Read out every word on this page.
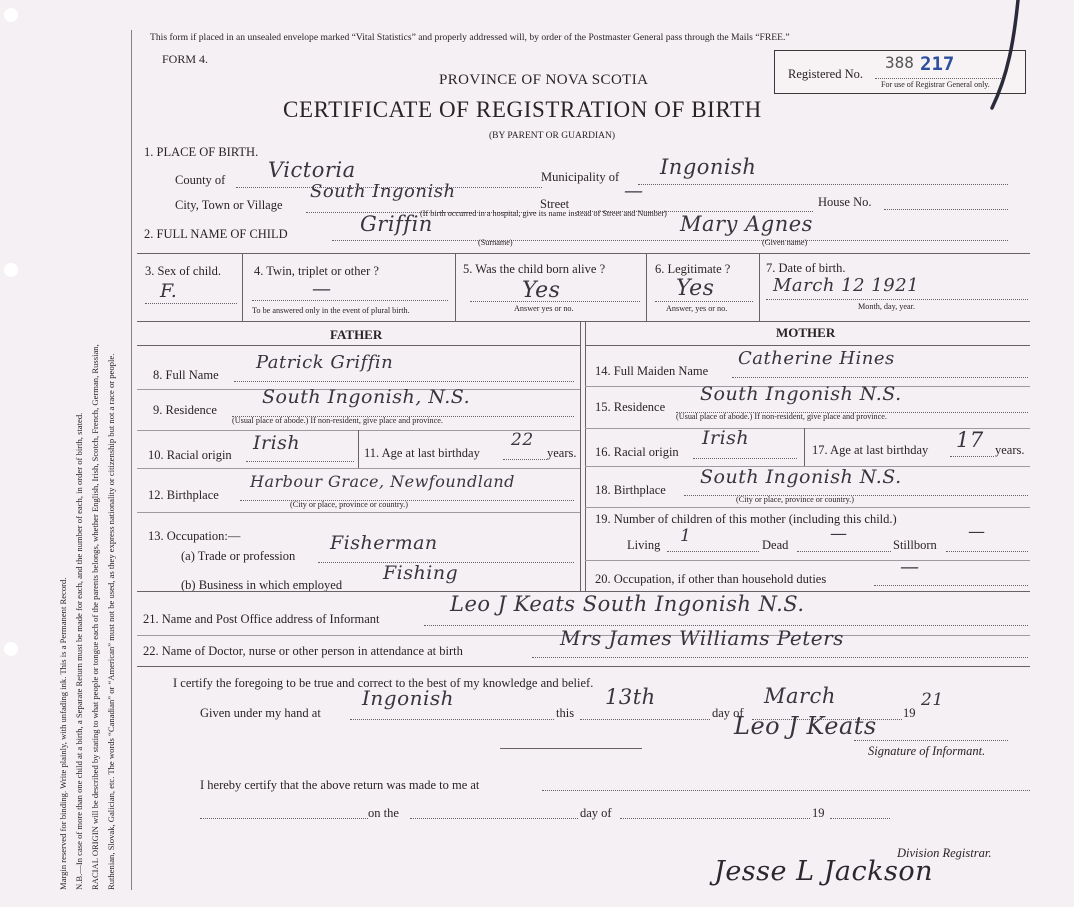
Margin reserved for binding. Write plainly, with unfading ink. This is a Permanent Record. N.B.—In case of more than one child at a birth, a Separate Return must be made for each, and the number of each, in order of birth, stated. RACIAL ORIGIN will be described by stating to what people or tongue each of the parents belongs, whether English, Irish, Scotch, French, German, Russian, Ruthenian, Slovak, Galician, etc. The words “Canadian” or “American” must not be used, as they express nationality or citizenship but not a race or people.
This form if placed in an unsealed envelope marked “Vital Statistics” and properly addressed will, by order of the Postmaster General pass through the Mails “FREE.”
FORM 4.
PROVINCE OF NOVA SCOTIA
CERTIFICATE OF REGISTRATION OF BIRTH
(BY PARENT OR GUARDIAN)
Registered No.
388 217
For use of Registrar General only.
1. PLACE OF BIRTH.
County of Victoria	Municipality of Ingonish
City, Town or Village
South Ingonish
Street
—	House No.
(If birth occurred in a hospital, give its name instead of Street and Number)
2. FULL NAME OF CHILD	Griffin
(Surname)
Mary Agnes
(Given name)
3. Sex of child.
F.
4. Twin, triplet or other ?
—
To be answered only in the event of plural birth.
5. Was the child born alive ?
Yes
Answer yes or no.
6. Legitimate ?
Yes
Answer, yes or no.
7. Date of birth.
March 12 1921
Month, day, year.
FATHER	MOTHER
8. Full Name
Patrick Griffin
9. Residence
South Ingonish, N.S.
(Usual place of abode.) If non-resident, give place and province.
10. Racial origin
Irish	11. Age at last birthday
22
years.
12. Birthplace
Harbour Grace, Newfoundland
(City or place, province or country.)
13. Occupation:—
(a) Trade or profession
Fisherman
(b) Business in which employed
Fishing
14. Full Maiden Name
Catherine Hines
15. Residence
South Ingonish N.S.
(Usual place of abode.) If non-resident, give place and province.
16. Racial origin
Irish
17. Age at last birthday 17 years.
18. Birthplace
South Ingonish N.S.
(City or place, province or country.)
19. Number of children of this mother (including this child.)
Living 1	Dead
—
Stillborn
—
20. Occupation, if other than household duties
—
21. Name and Post Office address of Informant
Leo J Keats South Ingonish N.S.
22. Name of Doctor, nurse or other person in attendance at birth
Mrs James Williams Peters
I certify the foregoing to be true and correct to the best of my knowledge and belief.
Given under my hand at
Ingonish
this
13th
day of
March
19
21
Leo J Keats
Signature of Informant.
I hereby certify that the above return was made to me at
on the	day of	19
Division Registrar.
Jesse L Jackson
